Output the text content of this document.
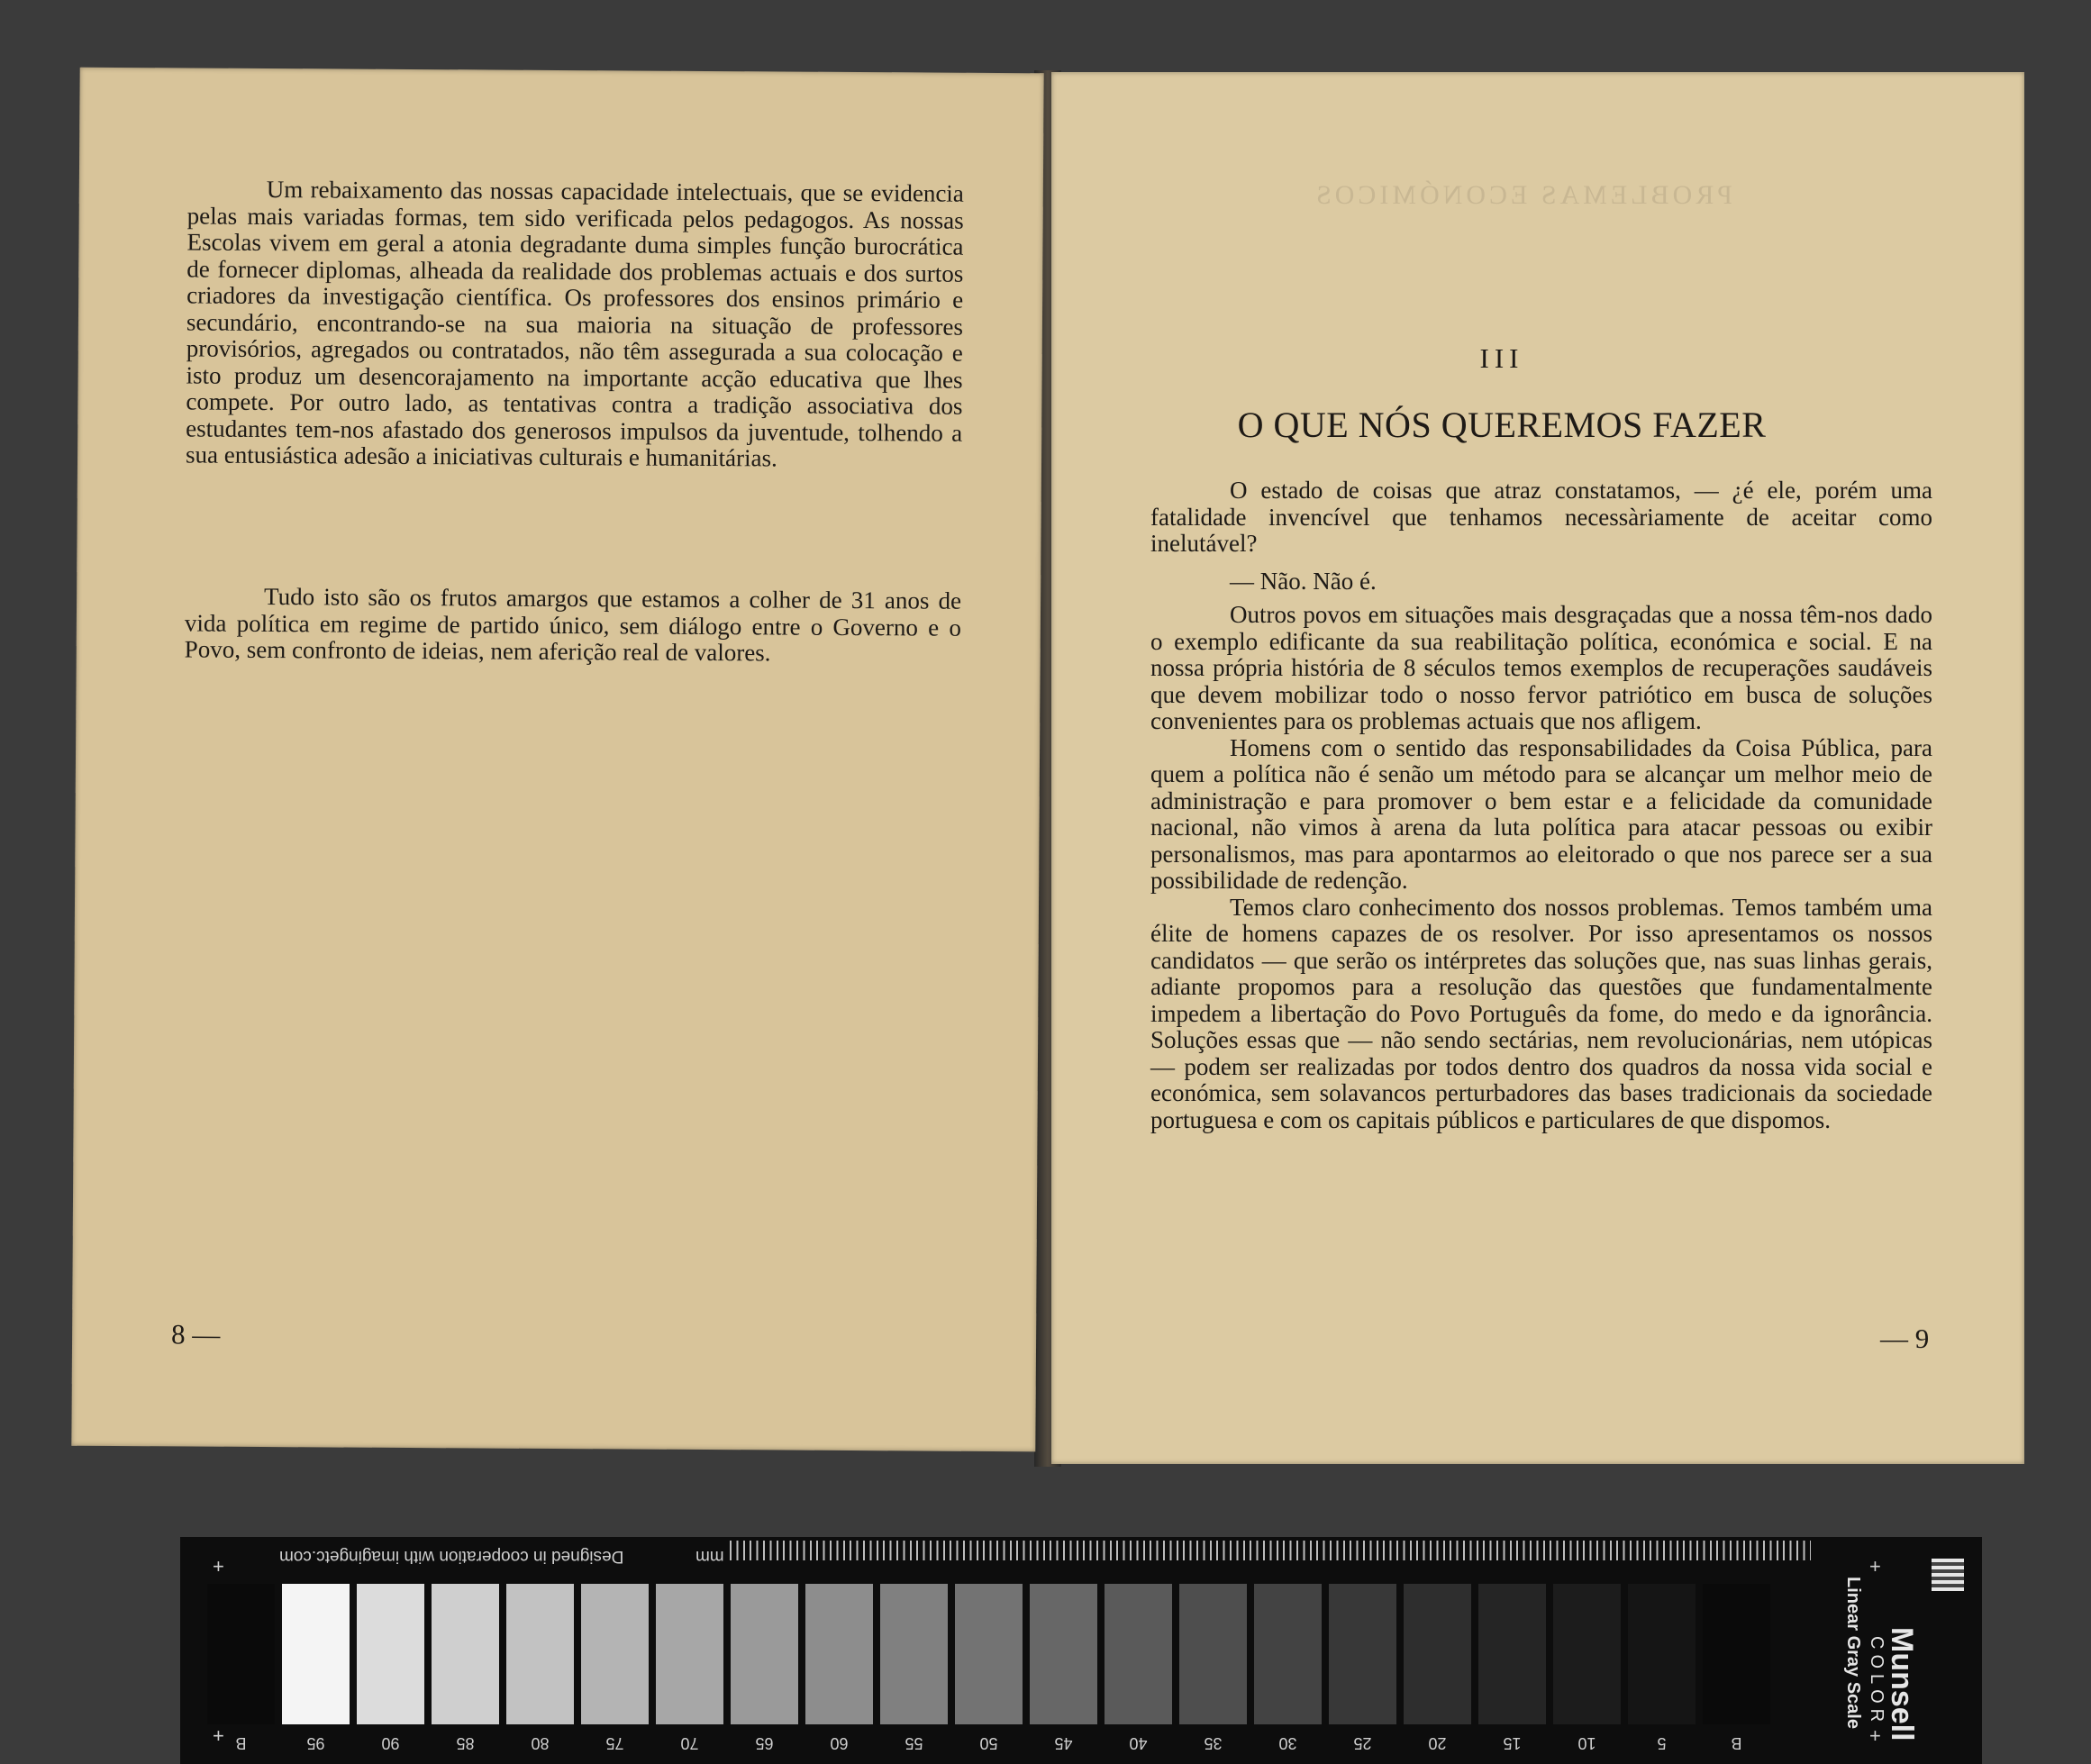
Um rebaixamento das nossas capacidade intelectuais, que se evidencia pelas mais variadas formas, tem sido verificada pelos pedagogos. As nossas Escolas vivem em geral a atonia degradante duma simples função burocrática de fornecer diplomas, alheada da realidade dos problemas actuais e dos surtos criadores da investigação científica. Os professores dos ensinos primário e secundário, encontrando-se na sua maioria na situação de professores provisórios, agregados ou contratados, não têm assegurada a sua colocação e isto produz um desencorajamento na importante acção educativa que lhes compete. Por outro lado, as tentativas contra a tradição associativa dos estudantes tem-nos afastado dos generosos impulsos da juventude, tolhendo a sua entusiástica adesão a iniciativas culturais e humanitárias.

Tudo isto são os frutos amargos que estamos a colher de 31 anos de vida política em regime de partido único, sem diálogo entre o Governo e o Povo, sem confronto de ideias, nem aferição real de valores.

8 —
PROBLEMAS ECONÓMICOS
III
O QUE NÓS QUEREMOS FAZER

O estado de coisas que atraz constatamos, — ¿é ele, porém uma fatalidade invencível que tenhamos necessàriamente de aceitar como inelutável?

— Não. Não é.

Outros povos em situações mais desgraçadas que a nossa têm-nos dado o exemplo edificante da sua reabilitação política, económica e social. E na nossa própria história de 8 séculos temos exemplos de recuperações saudáveis que devem mobilizar todo o nosso fervor patriótico em busca de soluções convenientes para os problemas actuais que nos afligem.

Homens com o sentido das responsabilidades da Coisa Pública, para quem a política não é senão um método para se alcançar um melhor meio de administração e para promover o bem estar e a felicidade da comunidade nacional, não vimos à arena da luta política para atacar pessoas ou exibir personalismos, mas para apontarmos ao eleitorado o que nos parece ser a sua possibilidade de redenção.

Temos claro conhecimento dos nossos problemas. Temos também uma élite de homens capazes de os resolver. Por isso apresentamos os nossos candidatos — que serão os intérpretes das soluções que, nas suas linhas gerais, adiante propomos para a resolução das questões que fundamentalmente impedem a libertação do Povo Português da fome, do medo e da ignorância. Soluções essas que — não sendo sectárias, nem revolucionárias, nem utópicas — podem ser realizadas por todos dentro dos quadros da nossa vida social e económica, sem solavancos perturbadores das bases tradicionais da sociedade portuguesa e com os capitais públicos e particulares de que dispomos.

— 9
Designed in cooperation with imagingetc.com	mm
+
+
+
+
B	95	90	85	80	75	70	65	60	55	50	45	40	35	30	25	20	15	10	5	B
Munsell
COLOR
Linear Gray Scale
